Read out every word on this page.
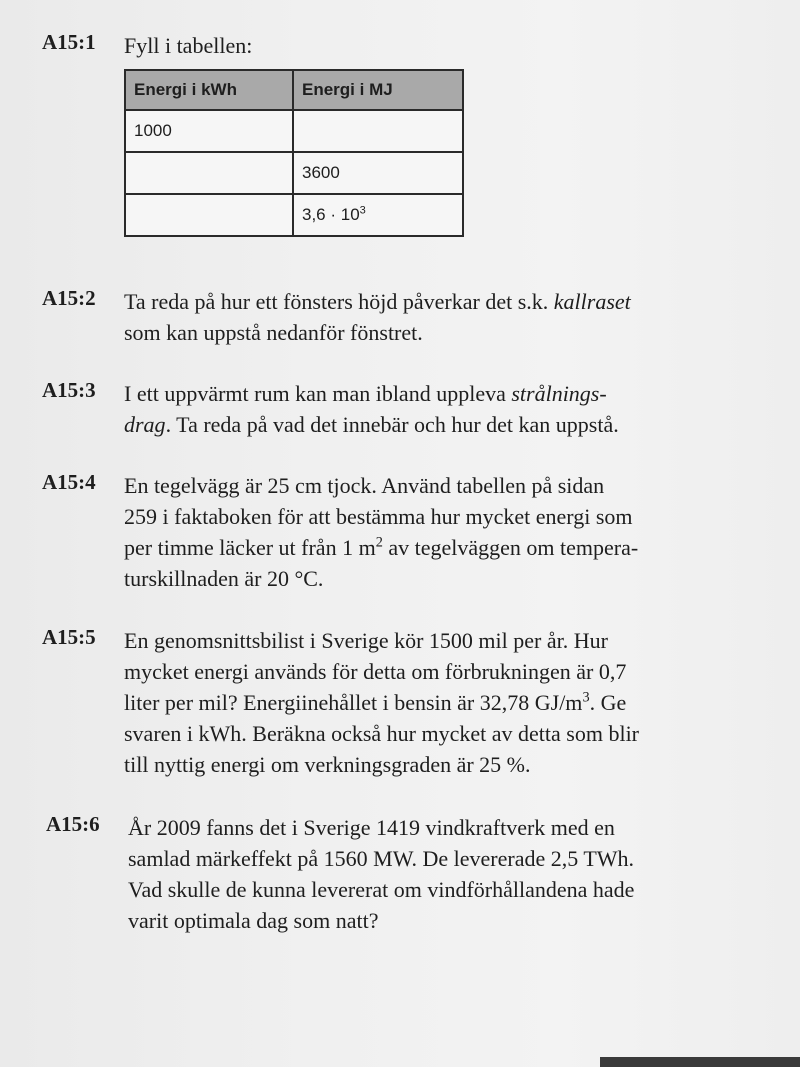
A15:1 Fyll i tabellen:
Energi i kWh	Energi i MJ
1000	
	3600
	$3,6 \cdot 10^3$
A15:2 Ta reda på hur ett fönsters höjd påverkar det s.k. kallraset
som kan uppstå nedanför fönstret.
A15:3 I ett uppvärmt rum kan man ibland uppleva strålnings-
drag. Ta reda på vad det innebär och hur det kan uppstå.
A15:4 En tegelvägg är 25 cm tjock. Använd tabellen på sidan
259 i faktaboken för att bestämma hur mycket energi som
per timme läcker ut från 1 $m^2$ av tegelväggen om tempera-
turskillnaden är 20 °C.
A15:5 En genomsnittsbilist i Sverige kör 1500 mil per år. Hur
mycket energi används för detta om förbrukningen är 0,7
liter per mil? Energiinehållet i bensin är 32,78 $GJ/m^3$. Ge
svaren i kWh. Beräkna också hur mycket av detta som blir
till nyttig energi om verkningsgraden är 25 %.
A15:6 År 2009 fanns det i Sverige 1419 vindkraftverk med en
samlad märkeffekt på 1560 MW. De levererade 2,5 TWh.
Vad skulle de kunna levererat om vindförhållandena hade
varit optimala dag som natt?
